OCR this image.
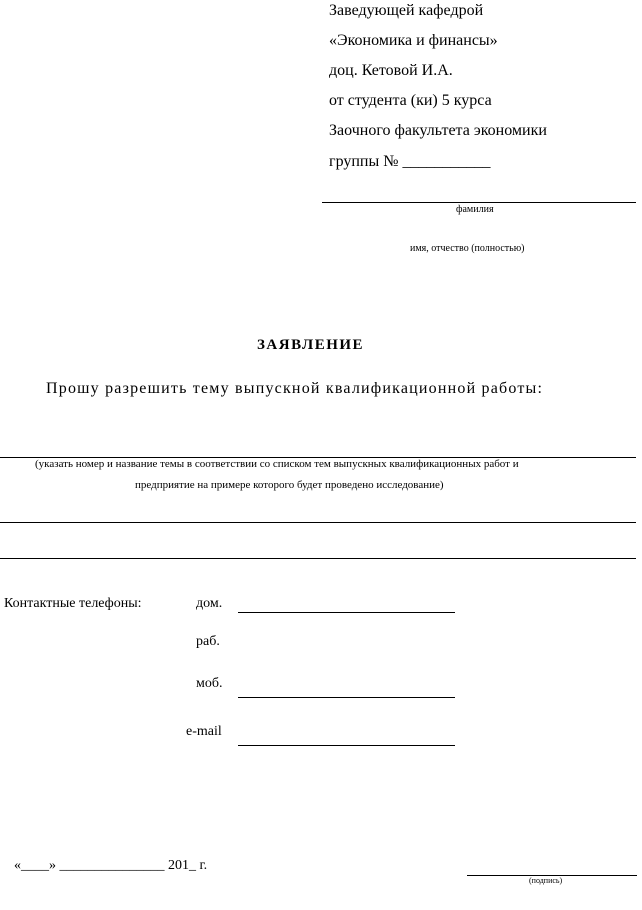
Заведующей кафедрой
«Экономика и финансы»
доц. Кетовой И.А.
от студента (ки) 5 курса
Заочного факультета экономики
группы № ___________
фамилия
имя, отчество (полностью)
ЗАЯВЛЕНИЕ
Прошу разрешить тему выпускной квалификационной работы:
(указать номер и название темы в соответствии со списком тем выпускных квалификационных работ и
предприятие на примере которого будет проведено исследование)
Контактные телефоны:	дом.
раб.
моб.
e-mail
«____» _______________ 201_ г.
(подпись)
